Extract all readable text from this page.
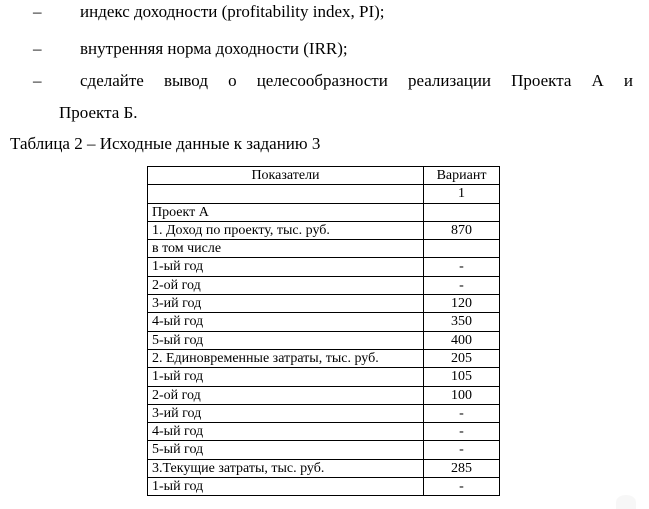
– индекс доходности (profitability index, PI);
– внутренняя норма доходности (IRR);
– сделайте вывод о целесообразности реализации Проекта А и
Проекта Б.
Таблица 2 – Исходные данные к заданию 3
Показатели	Вариант
	1
Проект А	
1. Доход по проекту, тыс. руб.	870
в том числе	
1-ый год	-
2-ой год	-
3-ий год	120
4-ый год	350
5-ый год	400
2. Единовременные затраты, тыс. руб.	205
1-ый год	105
2-ой год	100
3-ий год	-
4-ый год	-
5-ый год	-
3.Текущие затраты, тыс. руб.	285
1-ый год	-
